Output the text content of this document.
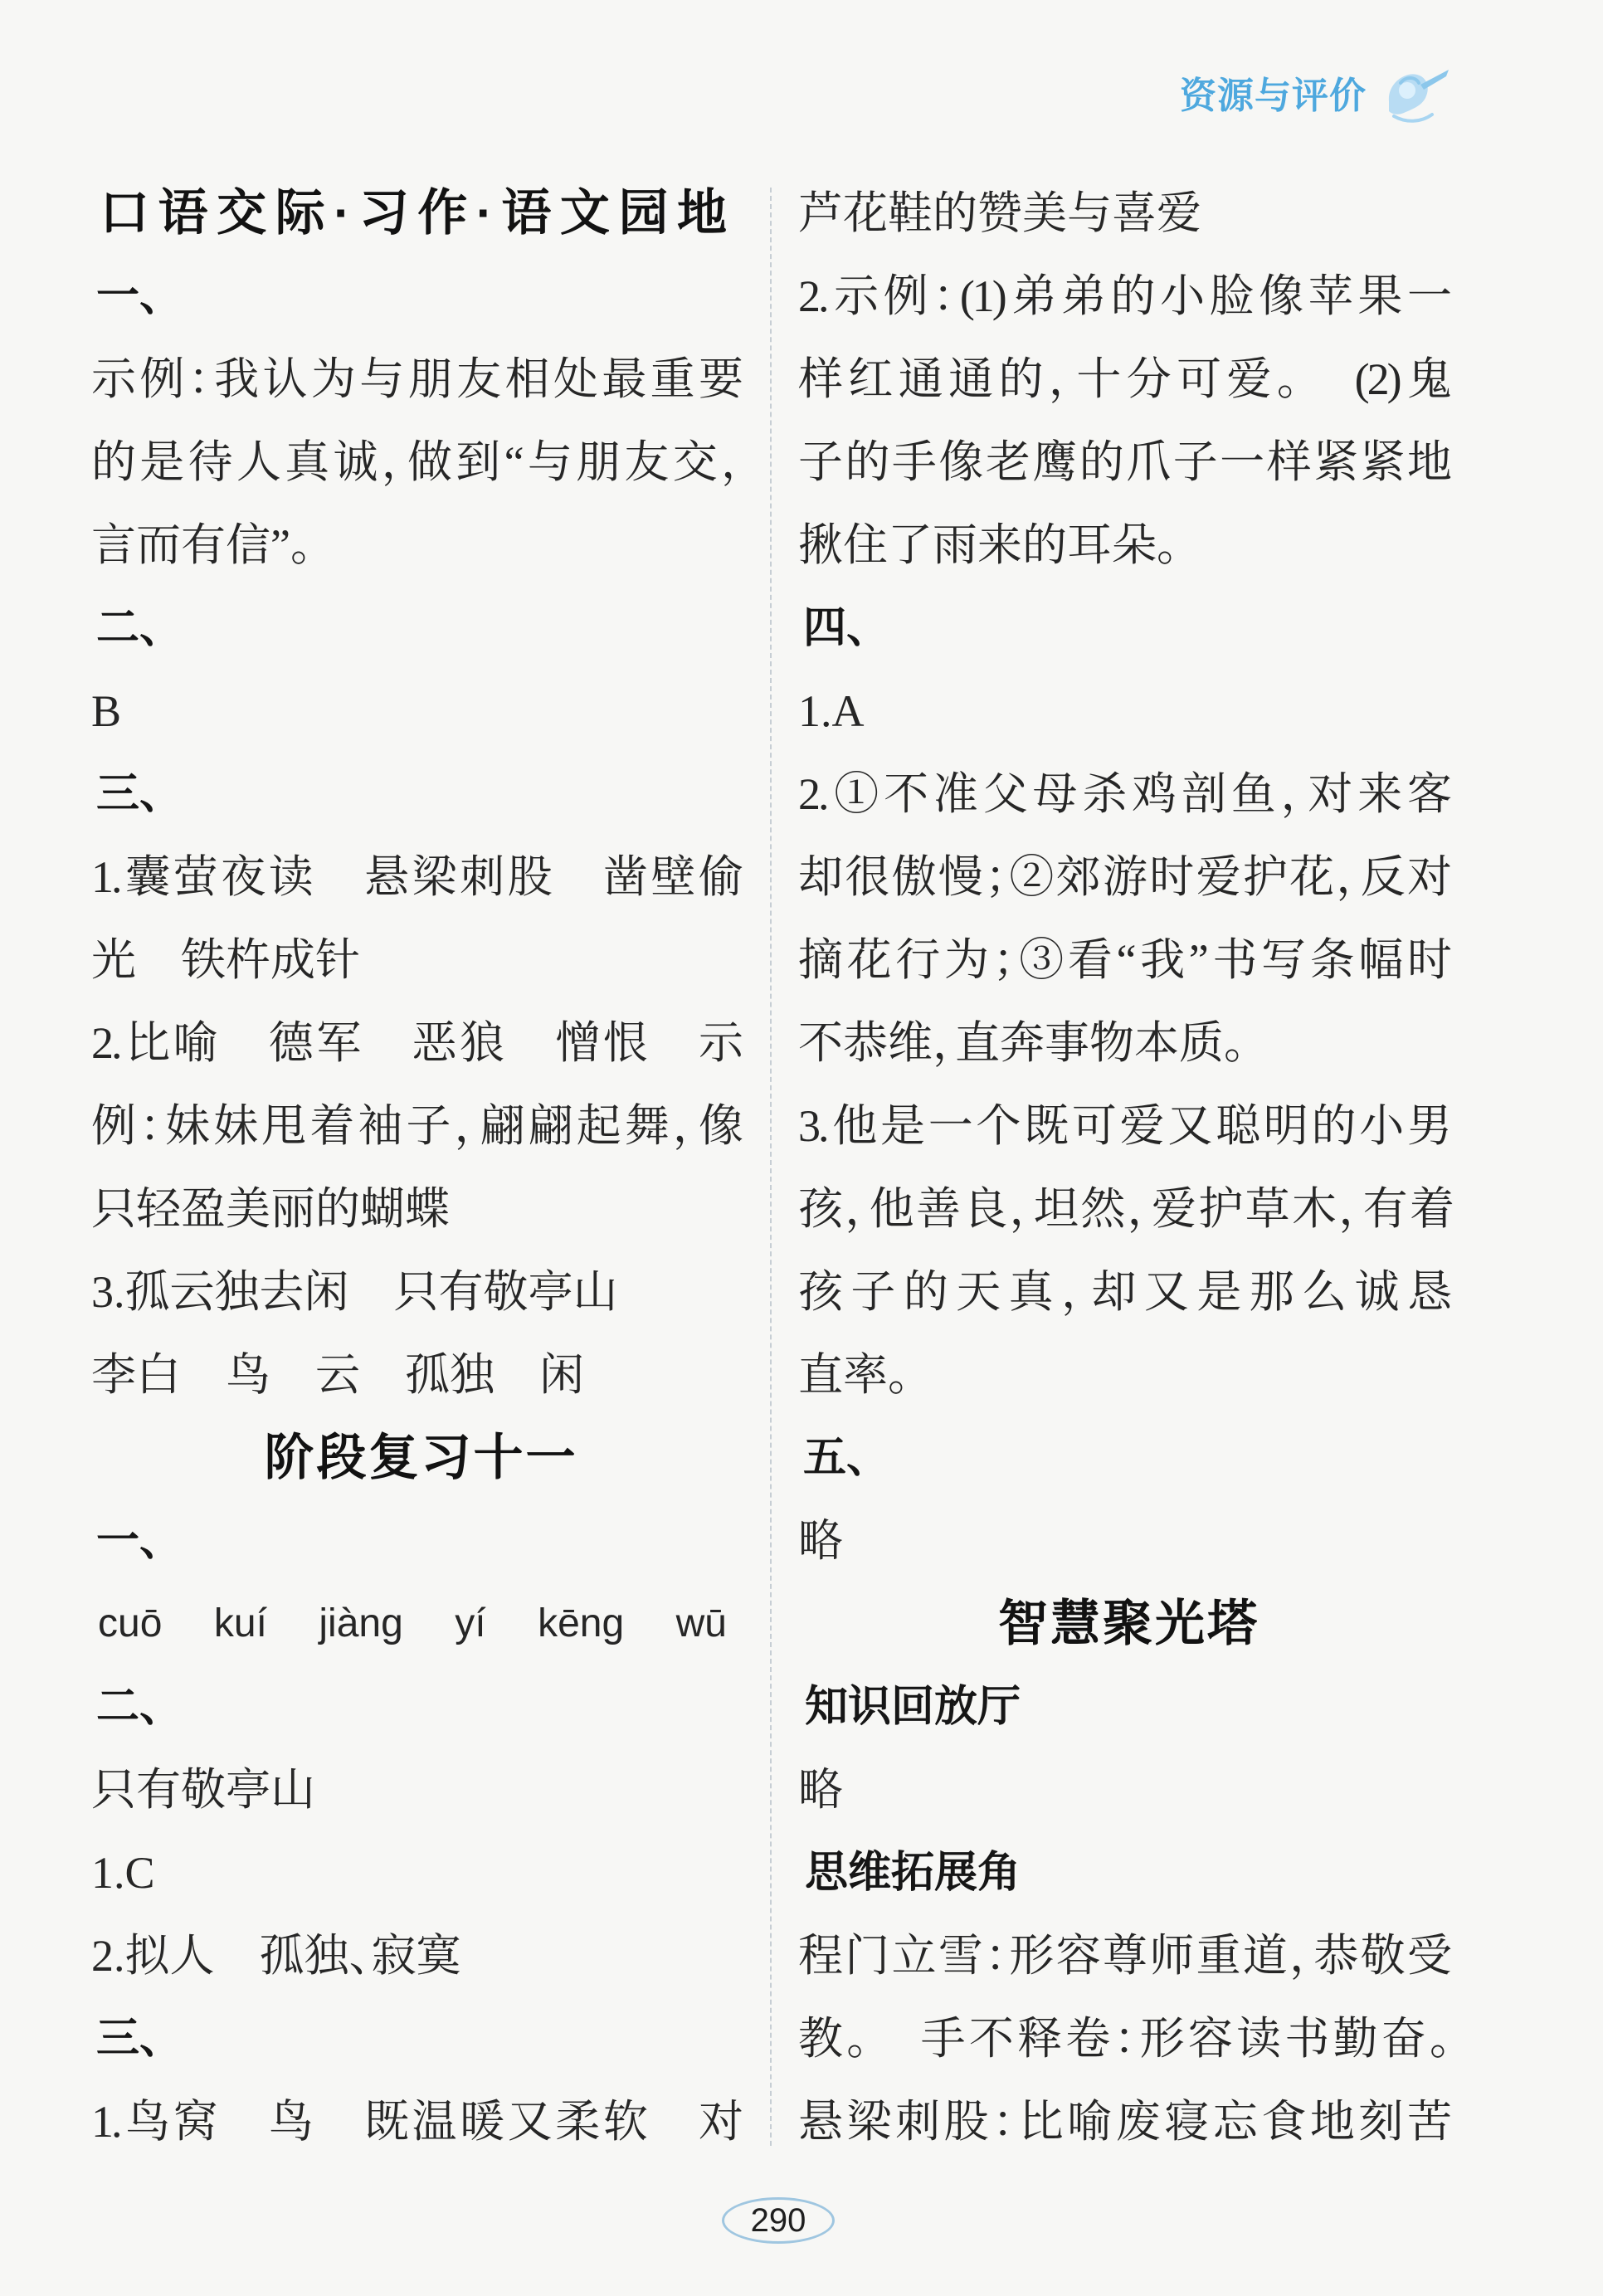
资源与评价
口语交际·习作·语文园地
一、
示例：我认为与朋友相处最重要
的是待人真诚，做到“与朋友交，
言而有信”。
二、
B
三、
1.囊萤夜读　悬梁刺股　凿壁偷
光　铁杵成针
2.比喻　德军　恶狼　憎恨　示
例：妹妹甩着袖子，翩翩起舞，像
只轻盈美丽的蝴蝶
3.孤云独去闲　只有敬亭山
李白　鸟　云　孤独　闲
阶段复习十一
一、
cuō kuí jiàng yí kēng wū
二、
只有敬亭山
1.C
2.拟人　孤独、寂寞
三、
1.鸟窝　鸟　既温暖又柔软　对
芦花鞋的赞美与喜爱
2.示例：(1)弟弟的小脸像苹果一
样红通通的，十分可爱。　(2)鬼
子的手像老鹰的爪子一样紧紧地
揪住了雨来的耳朵。
四、
1.A
2.①不准父母杀鸡剖鱼，对来客
却很傲慢；②郊游时爱护花，反对
摘花行为；③看“我”书写条幅时
不恭维，直奔事物本质。
3.他是一个既可爱又聪明的小男
孩，他善良，坦然，爱护草木，有着
孩子的天真，却又是那么诚恳
直率。
五、
略
智慧聚光塔
知识回放厅
略
思维拓展角
程门立雪：形容尊师重道，恭敬受
教。　手不释卷：形容读书勤奋。
悬梁刺股：比喻废寝忘食地刻苦
290
